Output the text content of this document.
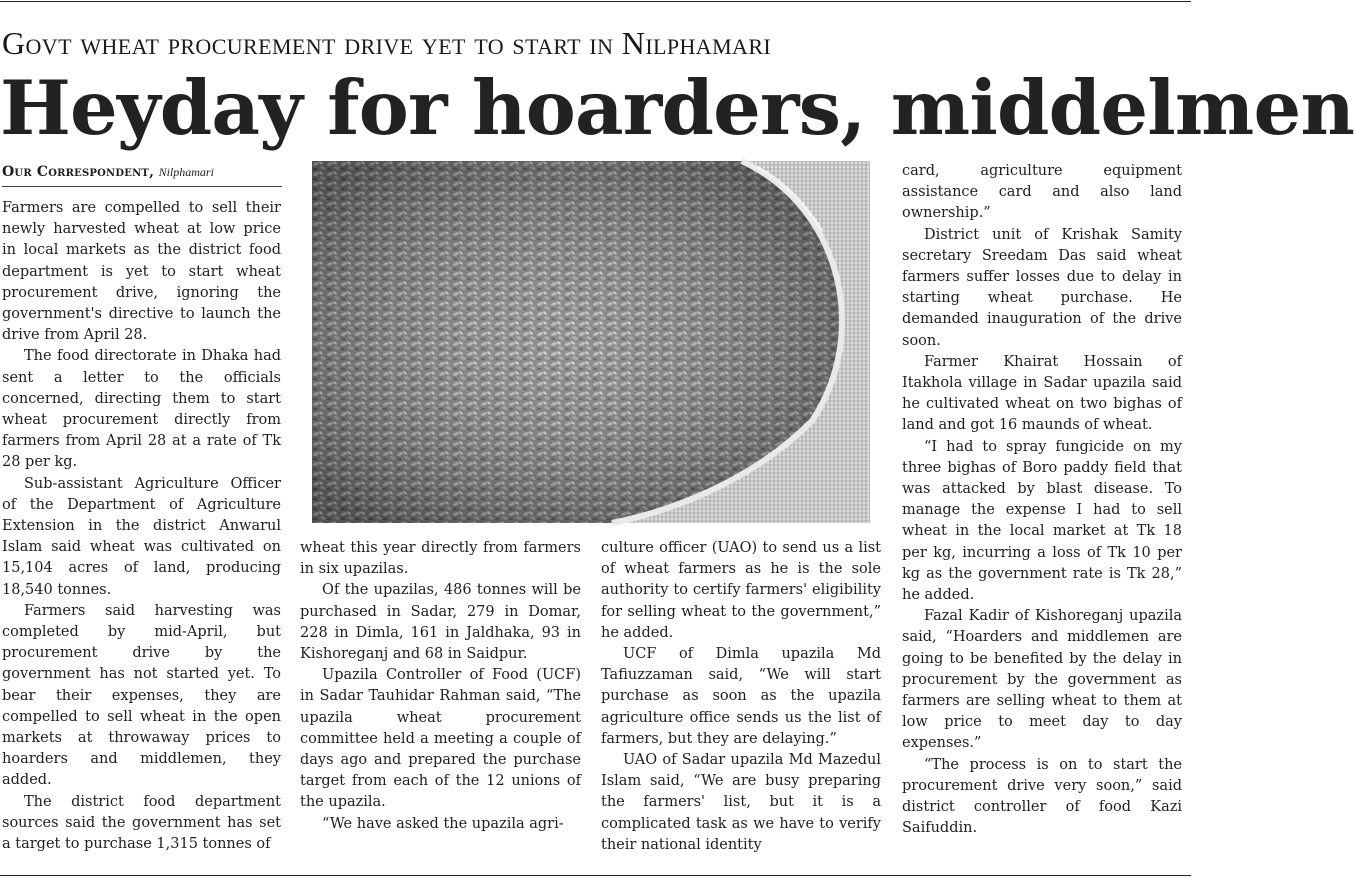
Govt wheat procurement drive yet to start in Nilphamari
Heyday for hoarders, middelmen
Our Correspondent, Nilphamari

Farmers are compelled to sell their newly harvested wheat at low price in local markets as the district food department is yet to start wheat procurement drive, ignoring the government's directive to launch the drive from April 28.

The food directorate in Dhaka had sent a letter to the officials concerned, directing them to start wheat procurement directly from farmers from April 28 at a rate of Tk 28 per kg.

Sub-assistant Agriculture Officer of the Department of Agriculture Extension in the district Anwarul Islam said wheat was cultivated on 15,104 acres of land, producing 18,540 tonnes.

Farmers said harvesting was completed by mid-April, but procurement drive by the government has not started yet. To bear their expenses, they are compelled to sell wheat in the open markets at throwaway prices to hoarders and middlemen, they added.

The district food department sources said the government has set a target to purchase 1,315 tonnes of

wheat this year directly from farmers in six upazilas.

Of the upazilas, 486 tonnes will be purchased in Sadar, 279 in Domar, 228 in Dimla, 161 in Jaldhaka, 93 in Kishoreganj and 68 in Saidpur.

Upazila Controller of Food (UCF) in Sadar Tauhidar Rahman said, “The upazila wheat procurement committee held a meeting a couple of days ago and prepared the purchase target from each of the 12 unions of the upazila.

“We have asked the upazila agri-

culture officer (UAO) to send us a list of wheat farmers as he is the sole authority to certify farmers' eligibility for selling wheat to the government,” he added.

UCF of Dimla upazila Md Tafiuzzaman said, “We will start purchase as soon as the upazila agriculture office sends us the list of farmers, but they are delaying.”

UAO of Sadar upazila Md Mazedul Islam said, “We are busy preparing the farmers' list, but it is a complicated task as we have to verify their national identity

card, agriculture equipment assistance card and also land ownership.”

District unit of Krishak Samity secretary Sreedam Das said wheat farmers suffer losses due to delay in starting wheat purchase. He demanded inauguration of the drive soon.

Farmer Khairat Hossain of Itakhola village in Sadar upazila said he cultivated wheat on two bighas of land and got 16 maunds of wheat.

“I had to spray fungicide on my three bighas of Boro paddy field that was attacked by blast disease. To manage the expense I had to sell wheat in the local market at Tk 18 per kg, incurring a loss of Tk 10 per kg as the government rate is Tk 28,” he added.

Fazal Kadir of Kishoreganj upazila said, “Hoarders and middlemen are going to be benefited by the delay in procurement by the government as farmers are selling wheat to them at low price to meet day to day expenses.”

“The process is on to start the procurement drive very soon,” said district controller of food Kazi Saifuddin.
